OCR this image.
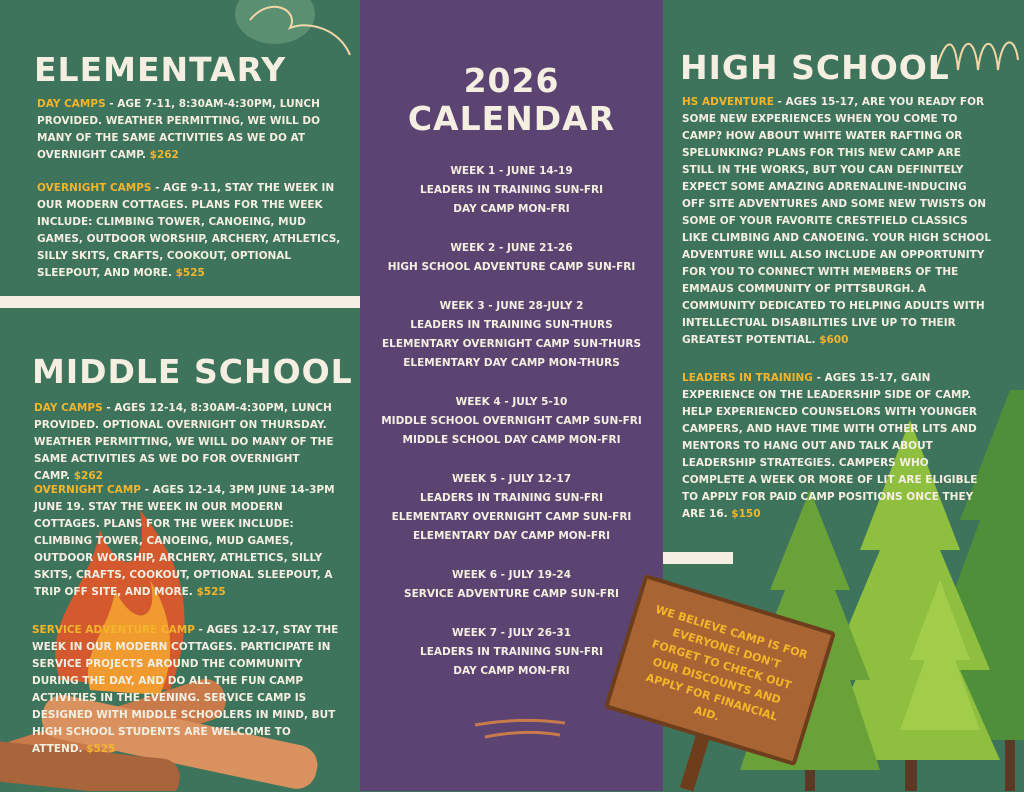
ELEMENTARY

DAY CAMPS - AGE 7-11, 8:30AM-4:30PM, LUNCH PROVIDED. WEATHER PERMITTING, WE WILL DO MANY OF THE SAME ACTIVITIES AS WE DO AT OVERNIGHT CAMP. $262

OVERNIGHT CAMPS - AGE 9-11, STAY THE WEEK IN OUR MODERN COTTAGES. PLANS FOR THE WEEK INCLUDE: CLIMBING TOWER, CANOEING, MUD GAMES, OUTDOOR WORSHIP, ARCHERY, ATHLETICS, SILLY SKITS, CRAFTS, COOKOUT, OPTIONAL SLEEPOUT, AND MORE. $525

MIDDLE SCHOOL

DAY CAMPS - AGES 12-14, 8:30AM-4:30PM, LUNCH PROVIDED. OPTIONAL OVERNIGHT ON THURSDAY. WEATHER PERMITTING, WE WILL DO MANY OF THE SAME ACTIVITIES AS WE DO FOR OVERNIGHT CAMP. $262

OVERNIGHT CAMP - AGES 12-14, 3PM JUNE 14-3PM JUNE 19. STAY THE WEEK IN OUR MODERN COTTAGES. PLANS FOR THE WEEK INCLUDE: CLIMBING TOWER, CANOEING, MUD GAMES, OUTDOOR WORSHIP, ARCHERY, ATHLETICS, SILLY SKITS, CRAFTS, COOKOUT, OPTIONAL SLEEPOUT, A TRIP OFF SITE, AND MORE. $525

SERVICE ADVENTURE CAMP - AGES 12-17, STAY THE WEEK IN OUR MODERN COTTAGES. PARTICIPATE IN SERVICE PROJECTS AROUND THE COMMUNITY DURING THE DAY, AND DO ALL THE FUN CAMP ACTIVITIES IN THE EVENING. SERVICE CAMP IS DESIGNED WITH MIDDLE SCHOOLERS IN MIND, BUT HIGH SCHOOL STUDENTS ARE WELCOME TO ATTEND. $525

2026
CALENDAR
WEEK 1 - JUNE 14-19
LEADERS IN TRAINING SUN-FRI
DAY CAMP MON-FRI
WEEK 2 - JUNE 21-26
HIGH SCHOOL ADVENTURE CAMP SUN-FRI
WEEK 3 - JUNE 28-JULY 2
LEADERS IN TRAINING SUN-THURS
ELEMENTARY OVERNIGHT CAMP SUN-THURS
ELEMENTARY DAY CAMP MON-THURS
WEEK 4 - JULY 5-10
MIDDLE SCHOOL OVERNIGHT CAMP SUN-FRI
MIDDLE SCHOOL DAY CAMP MON-FRI
WEEK 5 - JULY 12-17
LEADERS IN TRAINING SUN-FRI
ELEMENTARY OVERNIGHT CAMP SUN-FRI
ELEMENTARY DAY CAMP MON-FRI
WEEK 6 - JULY 19-24
SERVICE ADVENTURE CAMP SUN-FRI
WEEK 7 - JULY 26-31
LEADERS IN TRAINING SUN-FRI
DAY CAMP MON-FRI
HIGH SCHOOL

HS ADVENTURE - AGES 15-17, ARE YOU READY FOR SOME NEW EXPERIENCES WHEN YOU COME TO CAMP? HOW ABOUT WHITE WATER RAFTING OR SPELUNKING? PLANS FOR THIS NEW CAMP ARE STILL IN THE WORKS, BUT YOU CAN DEFINITELY EXPECT SOME AMAZING ADRENALINE-INDUCING OFF SITE ADVENTURES AND SOME NEW TWISTS ON SOME OF YOUR FAVORITE CRESTFIELD CLASSICS LIKE CLIMBING AND CANOEING. YOUR HIGH SCHOOL ADVENTURE WILL ALSO INCLUDE AN OPPORTUNITY FOR YOU TO CONNECT WITH MEMBERS OF THE EMMAUS COMMUNITY OF PITTSBURGH. A COMMUNITY DEDICATED TO HELPING ADULTS WITH INTELLECTUAL DISABILITIES LIVE UP TO THEIR GREATEST POTENTIAL. $600

LEADERS IN TRAINING - AGES 15-17, GAIN EXPERIENCE ON THE LEADERSHIP SIDE OF CAMP. HELP EXPERIENCED COUNSELORS WITH YOUNGER CAMPERS, AND HAVE TIME WITH OTHER LITS AND MENTORS TO HANG OUT AND TALK ABOUT LEADERSHIP STRATEGIES. CAMPERS WHO COMPLETE A WEEK OR MORE OF LIT ARE ELIGIBLE TO APPLY FOR PAID CAMP POSITIONS ONCE THEY ARE 16. $150

WE BELIEVE CAMP IS FOR EVERYONE! DON'T FORGET TO CHECK OUT OUR DISCOUNTS AND APPLY FOR FINANCIAL AID.
